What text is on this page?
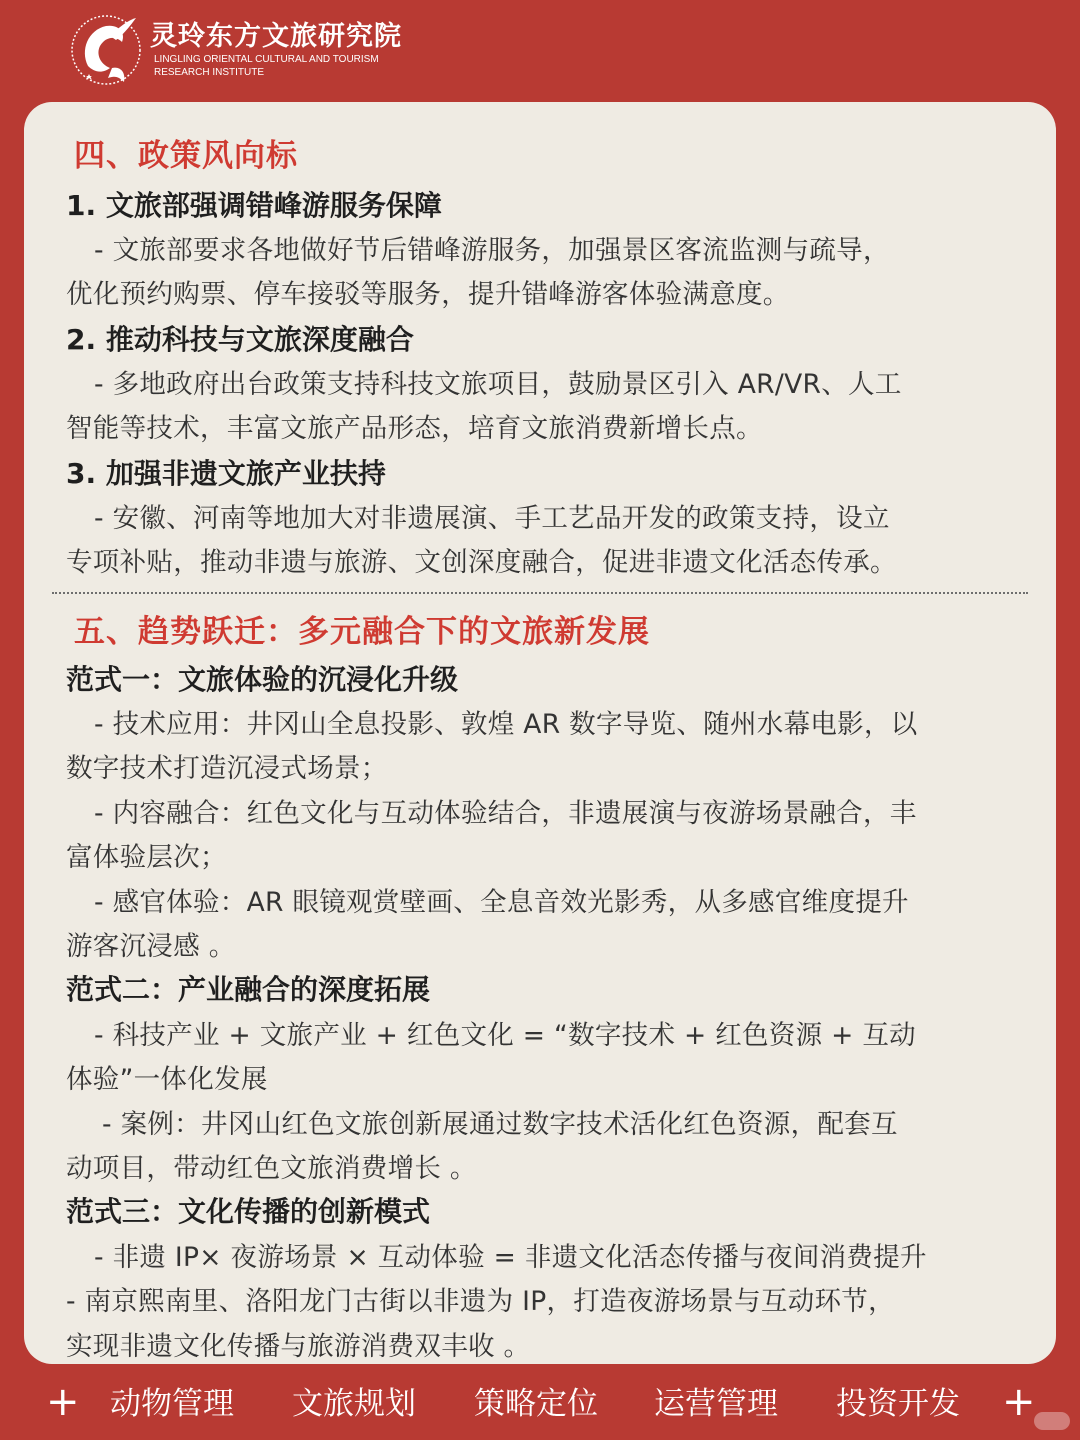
灵玲东方文旅研究院
LINGLING ORIENTAL CULTURAL AND TOURISM
RESEARCH INSTITUTE
四、政策风向标
1. 文旅部强调错峰游服务保障
- 文旅部要求各地做好节后错峰游服务，加强景区客流监测与疏导，
优化预约购票、停车接驳等服务，提升错峰游客体验满意度。
2. 推动科技与文旅深度融合
- 多地政府出台政策支持科技文旅项目，鼓励景区引入 AR/VR、人工
智能等技术，丰富文旅产品形态，培育文旅消费新增长点。
3. 加强非遗文旅产业扶持
- 安徽、河南等地加大对非遗展演、手工艺品开发的政策支持，设立
专项补贴，推动非遗与旅游、文创深度融合，促进非遗文化活态传承。
五、趋势跃迁：多元融合下的文旅新发展
范式一：文旅体验的沉浸化升级
- 技术应用：井冈山全息投影、敦煌 AR 数字导览、随州水幕电影，以
数字技术打造沉浸式场景；
- 内容融合：红色文化与互动体验结合，非遗展演与夜游场景融合，丰
富体验层次；
- 感官体验：AR 眼镜观赏壁画、全息音效光影秀，从多感官维度提升
游客沉浸感 。
范式二：产业融合的深度拓展
- 科技产业 + 文旅产业 + 红色文化 = “数字技术 + 红色资源 + 互动
体验”一体化发展
- 案例：井冈山红色文旅创新展通过数字技术活化红色资源，配套互
动项目，带动红色文旅消费增长 。
范式三：文化传播的创新模式
- 非遗 IP× 夜游场景 × 互动体验 = 非遗文化活态传播与夜间消费提升
- 南京熙南里、洛阳龙门古街以非遗为 IP，打造夜游场景与互动环节，
实现非遗文化传播与旅游消费双丰收 。
+ 动物管理 文旅规划 策略定位 运营管理 投资开发 +
